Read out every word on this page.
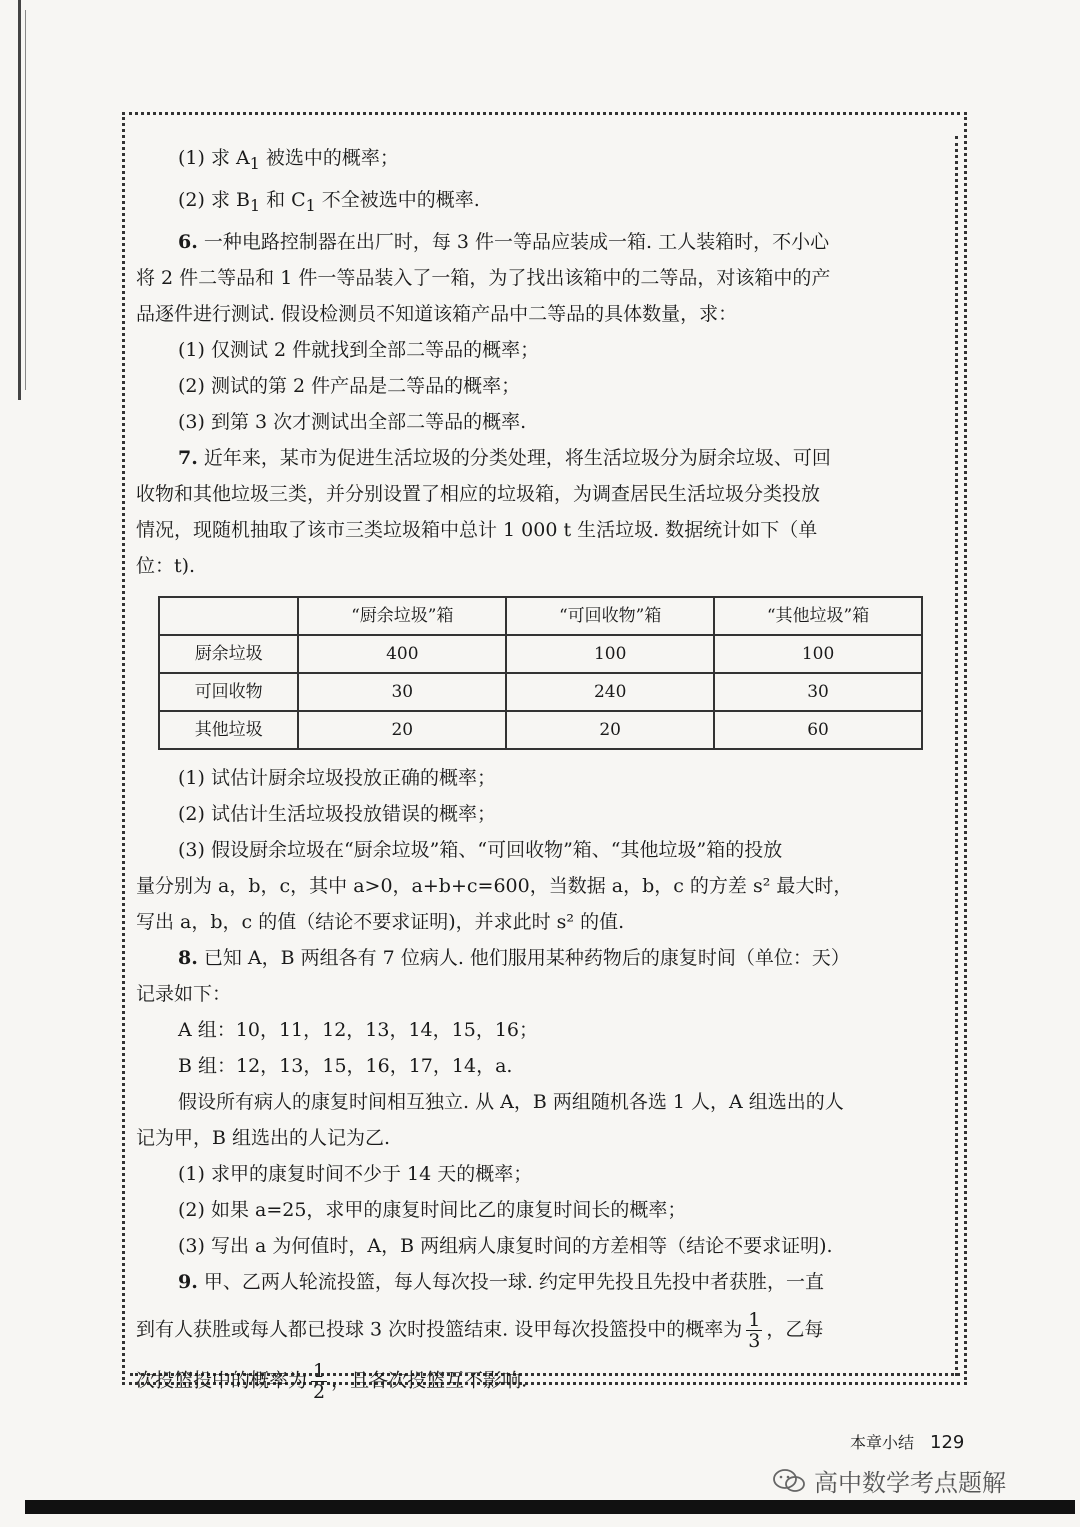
(1) 求 $A_1$ 被选中的概率；

(2) 求 $B_1$ 和 $C_1$ 不全被选中的概率.

6. 一种电路控制器在出厂时，每 3 件一等品应装成一箱. 工人装箱时，不小心

将 2 件二等品和 1 件一等品装入了一箱，为了找出该箱中的二等品，对该箱中的产

品逐件进行测试. 假设检测员不知道该箱产品中二等品的具体数量，求：

(1) 仅测试 2 件就找到全部二等品的概率；

(2) 测试的第 2 件产品是二等品的概率；

(3) 到第 3 次才测试出全部二等品的概率.

7. 近年来，某市为促进生活垃圾的分类处理，将生活垃圾分为厨余垃圾、可回

收物和其他垃圾三类，并分别设置了相应的垃圾箱，为调查居民生活垃圾分类投放

情况，现随机抽取了该市三类垃圾箱中总计 1 000 t 生活垃圾. 数据统计如下（单

位：t).

	“厨余垃圾”箱	“可回收物”箱	“其他垃圾”箱
厨余垃圾	400	100	100
可回收物	30	240	30
其他垃圾	20	20	60

(1) 试估计厨余垃圾投放正确的概率；

(2) 试估计生活垃圾投放错误的概率；

(3) 假设厨余垃圾在“厨余垃圾”箱、“可回收物”箱、“其他垃圾”箱的投放

量分别为 a，b，c，其中 a>0，a+b+c=600，当数据 a，b，c 的方差 s² 最大时，

写出 a，b，c 的值（结论不要求证明)，并求此时 s² 的值.

8. 已知 A，B 两组各有 7 位病人. 他们服用某种药物后的康复时间（单位：天）

记录如下：

A 组：10，11，12，13，14，15，16；

B 组：12，13，15，16，17，14，a.

假设所有病人的康复时间相互独立. 从 A，B 两组随机各选 1 人，A 组选出的人

记为甲，B 组选出的人记为乙.

(1) 求甲的康复时间不少于 14 天的概率；

(2) 如果 a=25，求甲的康复时间比乙的康复时间长的概率；

(3) 写出 a 为何值时，A，B 两组病人康复时间的方差相等（结论不要求证明).

9. 甲、乙两人轮流投篮，每人每次投一球. 约定甲先投且先投中者获胜，一直

到有人获胜或每人都已投球 3 次时投篮结束. 设甲每次投篮投中的概率为 $\frac{1}{3}$ ，乙每

次投篮投中的概率为 $\frac{1}{2}$ ，且各次投篮互不影响.

本章小结 129
高中数学考点题解
